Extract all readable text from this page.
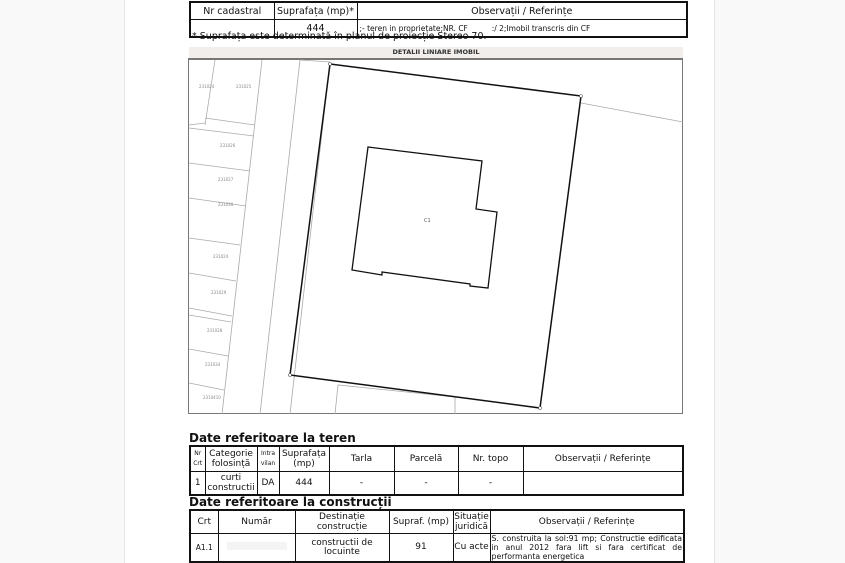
Nr cadastral	Suprafața (mp)*	Observații / Referințe
	444	;- teren in proprietate;NR. CF          :/ 2;Imobil transcris din CF
* Suprafața este determinată în planul de proiecție Stereo 70.
DETALII LINIARE IMOBIL
C1
231024	231025
231026
231027
231030
231024
231029
231028
231034
2310410
Date referitoare la teren
Nr Crt	Categorie folosință	Intra vilan	Suprafața (mp)	Tarla	Parcelă	Nr. topo	Observații / Referințe
1	curti constructii	DA	444	-	-	-	
Date referitoare la construcții
Crt	Număr	Destinație construcție	Supraf. (mp)	Situație juridică	Observații / Referințe
A1.1		constructii de locuinte	91	Cu acte	S. construita la sol:91 mp; Constructie edificata in anul 2012 fara lift si fara certificat de performanta energetica
